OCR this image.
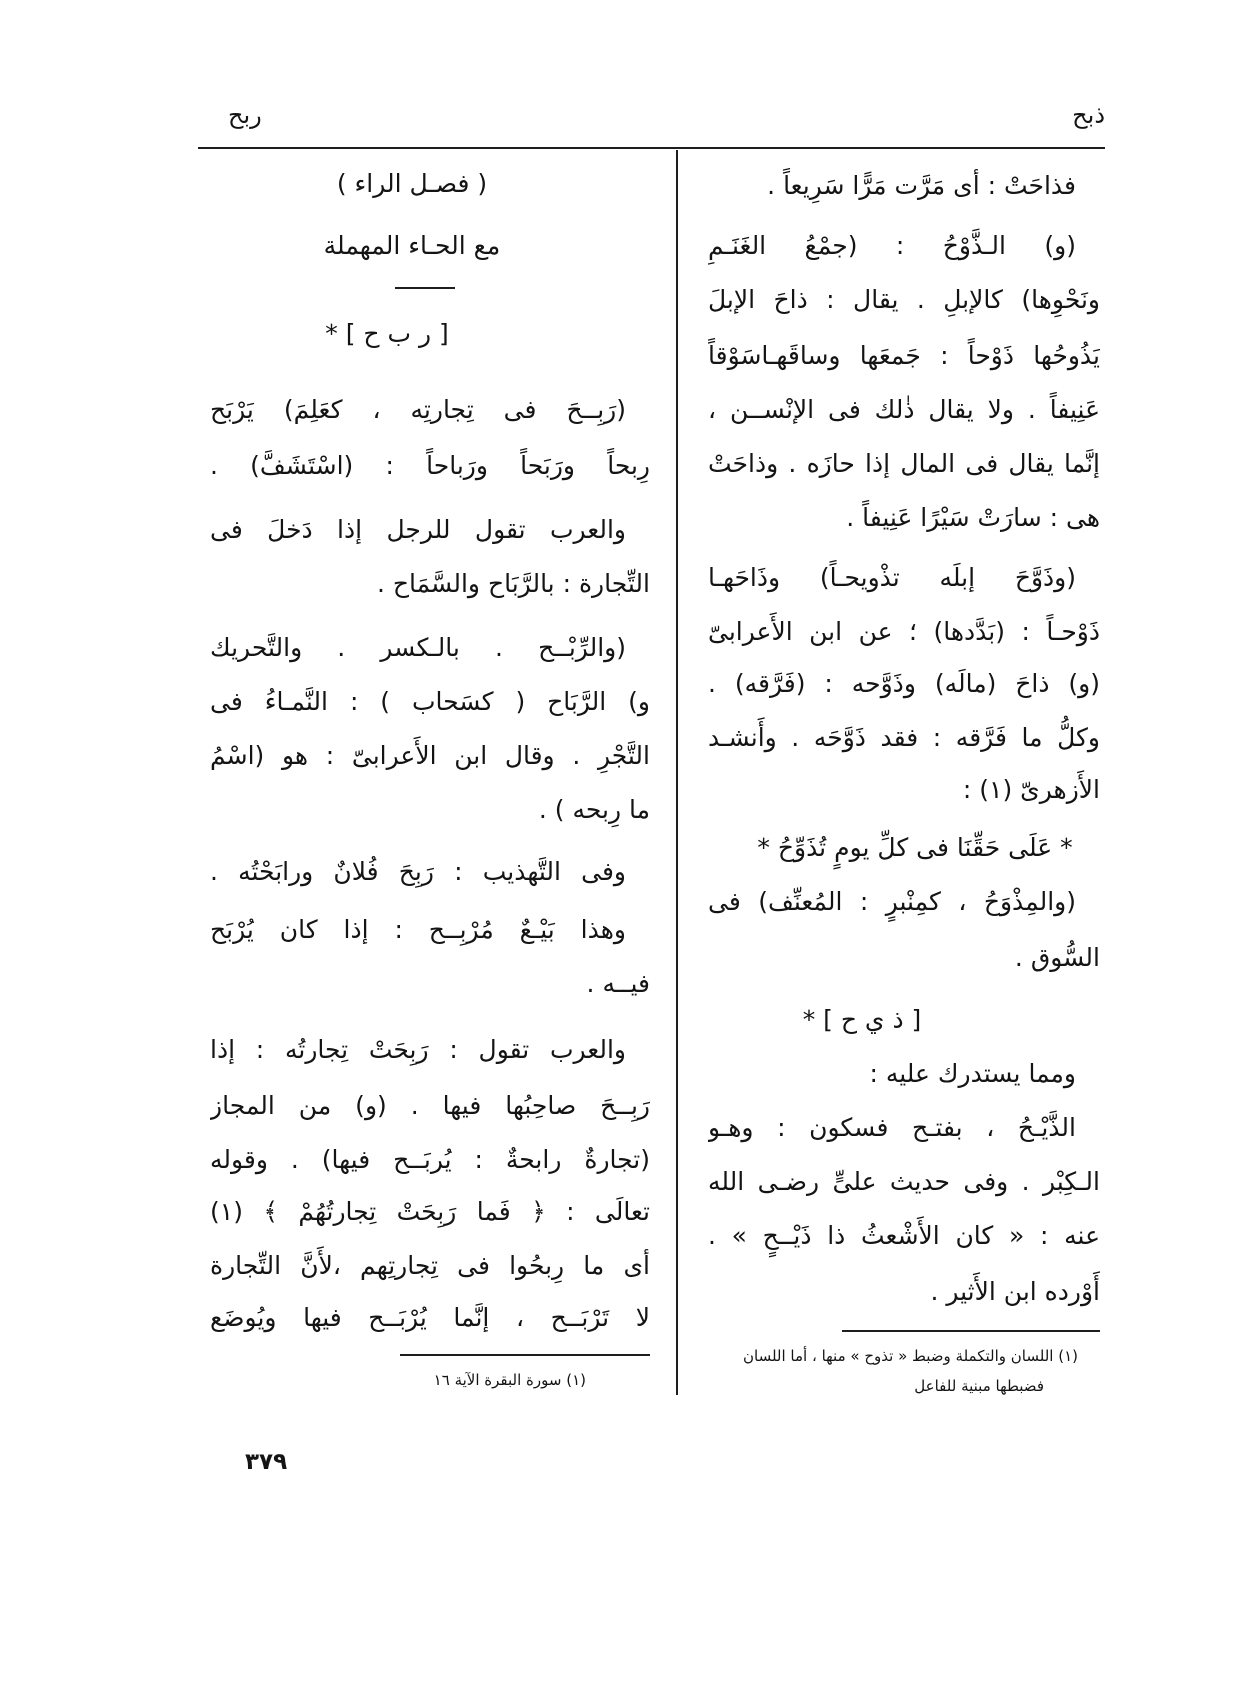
ذبح
ربح
فذاحَتْ : أى مَرَّت مَرًّا سَرِيعاً .
(و) الـذَّوْحُ : (جمْعُ الغَنَـمِ
ونَحْوِها) كالإبلِ . يقال : ذاحَ الإبلَ
يَذُوحُها ذَوْحاً : جَمعَها وساقَهـاسَوْقاً
عَنِيفاً . ولا يقال ذٰلك فى الإنْســن ،
إنَّما يقال فى المال إذا حازَه . وذاحَتْ
هى : سارَتْ سَيْرًا عَنِيفاً .
(وذَوَّحَ إبلَه تذْويحـاً) وذَاحَهـا
ذَوْحـاً : (بَدَّدها) ؛ عن ابن الأَعرابىّ
(و) ذاحَ (مالَه) وذَوَّحه : (فَرَّقه) .
وكلُّ ما فَرَّقه : فقد ذَوَّحَه . وأَنشـد
الأَزهرىّ (١) :
* عَلَى حَقِّنَا فى كلِّ يومٍ تُذَوِّحُ *
(والمِذْوَحُ ، كمِنْبرٍ : المُعنِّف) فى
السُّوق .
[ ذ ي ح ] *
ومما يستدرك عليه :
الذَّيْـحُ ، بفتـح فسكون : وهـو
الـكِبْر . وفى حديث علىٍّ رضـى الله
عنه : « كان الأَشْعثُ ذا ذَيْــحٍ » .
أَوْرده ابن الأَثير .
(١) اللسان والتكملة وضبط « تذوح » منها ، أما اللسان
فضبطها مبنية للفاعل
( فصـل الراء )
مع الحـاء المهملة
[ ر ب ح ] *
(رَبِــحَ فى تِجارتِه ، كعَلِمَ) يَرْبَح
رِبحاً ورَبَحاً ورَباحاً : (اسْتَشَفَّ) .
والعرب تقول للرجل إذا دَخلَ فى
التِّجارة : بالرَّبَاح والسَّمَاح .
(والرِّبْــح . بالـكسر . والتَّحريك
و) الرَّبَاح ( كسَحاب ) : النَّمـاءُ فى
التَّجْرِ . وقال ابن الأَعرابىّ : هو (اسْمُ
ما رِبحه ) .
وفى التَّهذيب : رَبِحَ فُلانٌ ورابَحْتُه .
وهذا بَيْـعٌ مُرْبِــح : إذا كان يُرْبَح
فيــه .
والعرب تقول : رَبِحَتْ تِجارتُه : إذا
رَبِــحَ صاحِبُها فيها . (و) من المجاز
(تجارةٌ رابحةٌ : يُربَــح فيها) . وقوله
تعالَى : ﴿ فَما رَبِحَتْ تِجارتُهُمْ ﴾ (١)
أى ما رِبحُوا فى تِجارتِهم ،لأَنَّ التِّجارة
لا تَرْبَــح ، إنَّما يُرْبَــح فيها ويُوضَع
(١) سورة البقرة الآية ١٦
٣٧٩
